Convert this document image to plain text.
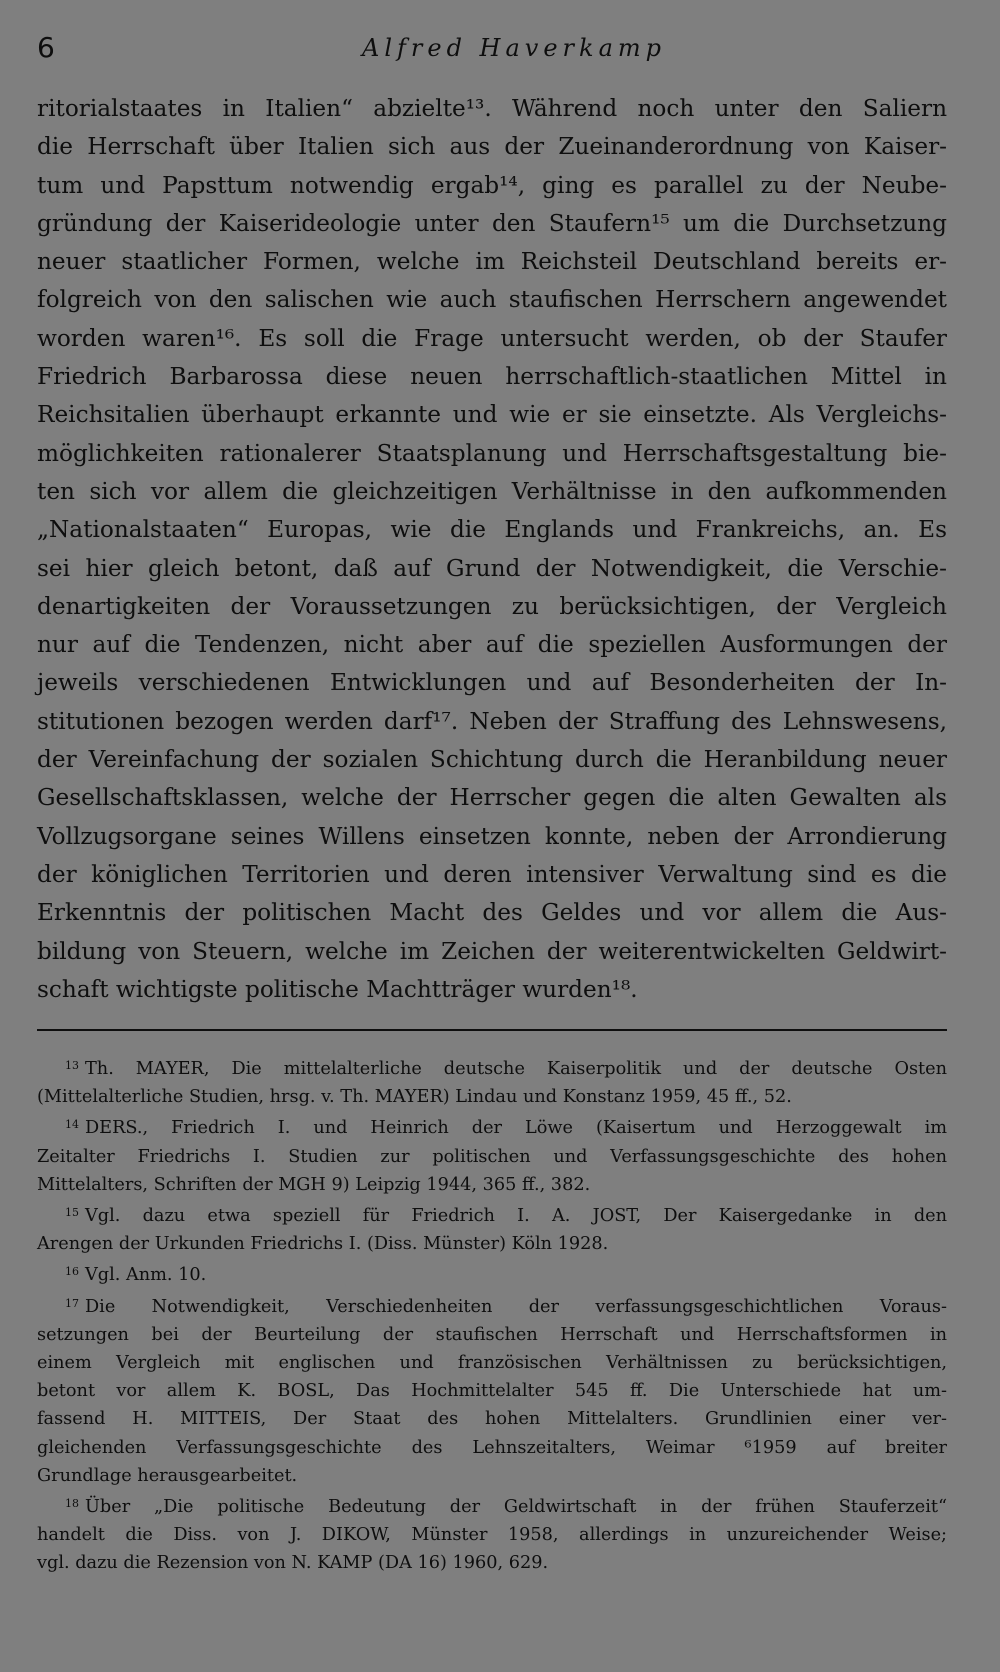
6	Alfred Haverkamp
ritorialstaates in Italien“ abzielte¹³. Während noch unter den Saliern
die Herrschaft über Italien sich aus der Zueinanderordnung von Kaiser-
tum und Papsttum notwendig ergab¹⁴, ging es parallel zu der Neube-
gründung der Kaiserideologie unter den Staufern¹⁵ um die Durchsetzung
neuer staatlicher Formen, welche im Reichsteil Deutschland bereits er-
folgreich von den salischen wie auch staufischen Herrschern angewendet
worden waren¹⁶. Es soll die Frage untersucht werden, ob der Staufer
Friedrich Barbarossa diese neuen herrschaftlich-staatlichen Mittel in
Reichsitalien überhaupt erkannte und wie er sie einsetzte. Als Vergleichs-
möglichkeiten rationalerer Staatsplanung und Herrschaftsgestaltung bie-
ten sich vor allem die gleichzeitigen Verhältnisse in den aufkommenden
„Nationalstaaten“ Europas, wie die Englands und Frankreichs, an. Es
sei hier gleich betont, daß auf Grund der Notwendigkeit, die Verschie-
denartigkeiten der Voraussetzungen zu berücksichtigen, der Vergleich
nur auf die Tendenzen, nicht aber auf die speziellen Ausformungen der
jeweils verschiedenen Entwicklungen und auf Besonderheiten der In-
stitutionen bezogen werden darf¹⁷. Neben der Straffung des Lehnswesens,
der Vereinfachung der sozialen Schichtung durch die Heranbildung neuer
Gesellschaftsklassen, welche der Herrscher gegen die alten Gewalten als
Vollzugsorgane seines Willens einsetzen konnte, neben der Arrondierung
der königlichen Territorien und deren intensiver Verwaltung sind es die
Erkenntnis der politischen Macht des Geldes und vor allem die Aus-
bildung von Steuern, welche im Zeichen der weiterentwickelten Geldwirt-
schaft wichtigste politische Machtträger wurden¹⁸.
13 Th. MAYER, Die mittelalterliche deutsche Kaiserpolitik und der deutsche Osten
(Mittelalterliche Studien, hrsg. v. Th. MAYER) Lindau und Konstanz 1959, 45 ff., 52.
14 DERS., Friedrich I. und Heinrich der Löwe (Kaisertum und Herzoggewalt im
Zeitalter Friedrichs I. Studien zur politischen und Verfassungsgeschichte des hohen
Mittelalters, Schriften der MGH 9) Leipzig 1944, 365 ff., 382.
15 Vgl. dazu etwa speziell für Friedrich I. A. JOST, Der Kaisergedanke in den
Arengen der Urkunden Friedrichs I. (Diss. Münster) Köln 1928.
16 Vgl. Anm. 10.
17 Die Notwendigkeit, Verschiedenheiten der verfassungsgeschichtlichen Voraus-
setzungen bei der Beurteilung der staufischen Herrschaft und Herrschaftsformen in
einem Vergleich mit englischen und französischen Verhältnissen zu berücksichtigen,
betont vor allem K. BOSL, Das Hochmittelalter 545 ff. Die Unterschiede hat um-
fassend H. MITTEIS, Der Staat des hohen Mittelalters. Grundlinien einer ver-
gleichenden Verfassungsgeschichte des Lehnszeitalters, Weimar ⁶1959 auf breiter
Grundlage herausgearbeitet.
18 Über „Die politische Bedeutung der Geldwirtschaft in der frühen Stauferzeit“
handelt die Diss. von J. DIKOW, Münster 1958, allerdings in unzureichender Weise;
vgl. dazu die Rezension von N. KAMP (DA 16) 1960, 629.
